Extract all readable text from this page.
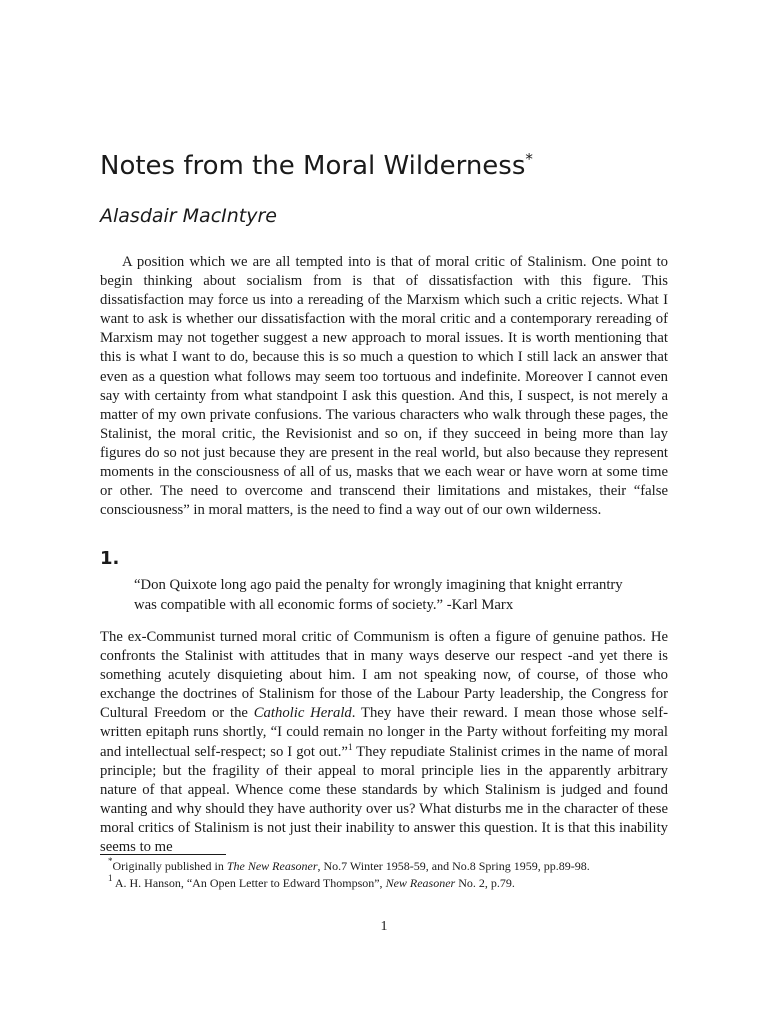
Notes from the Moral Wilderness*
Alasdair MacIntyre

A position which we are all tempted into is that of moral critic of Stalinism. One point to begin thinking about socialism from is that of dissatisfaction with this figure. This dissatisfaction may force us into a rereading of the Marxism which such a critic rejects. What I want to ask is whether our dissatisfaction with the moral critic and a contemporary rereading of Marxism may not together suggest a new approach to moral issues. It is worth mentioning that this is what I want to do, because this is so much a question to which I still lack an answer that even as a question what follows may seem too tortuous and indefinite. Moreover I cannot even say with certainty from what standpoint I ask this question. And this, I suspect, is not merely a matter of my own private confusions. The various characters who walk through these pages, the Stalinist, the moral critic, the Revisionist and so on, if they succeed in being more than lay figures do so not just because they are present in the real world, but also because they represent moments in the consciousness of all of us, masks that we each wear or have worn at some time or other. The need to overcome and transcend their limitations and mistakes, their “false consciousness” in moral matters, is the need to find a way out of our own wilderness.

1.

“Don Quixote long ago paid the penalty for wrongly imagining that knight errantry was compatible with all economic forms of society.” -Karl Marx

The ex-Communist turned moral critic of Communism is often a figure of genuine pathos. He confronts the Stalinist with attitudes that in many ways deserve our respect -and yet there is something acutely disquieting about him. I am not speaking now, of course, of those who exchange the doctrines of Stalinism for those of the Labour Party leadership, the Congress for Cultural Freedom or the Catholic Herald. They have their reward. I mean those whose self-written epitaph runs shortly, “I could remain no longer in the Party without forfeiting my moral and intellectual self-respect; so I got out.”$^1$ They repudiate Stalinist crimes in the name of moral principle; but the fragility of their appeal to moral principle lies in the apparently arbitrary nature of that appeal. Whence come these standards by which Stalinism is judged and found wanting and why should they have authority over us? What disturbs me in the character of these moral critics of Stalinism is not just their inability to answer this question. It is that this inability seems to me

*Originally published in The New Reasoner, No.7 Winter 1958-59, and No.8 Spring 1959, pp.89-98.
$^1$ A. H. Hanson, “An Open Letter to Edward Thompson”, New Reasoner No. 2, p.79.
1
